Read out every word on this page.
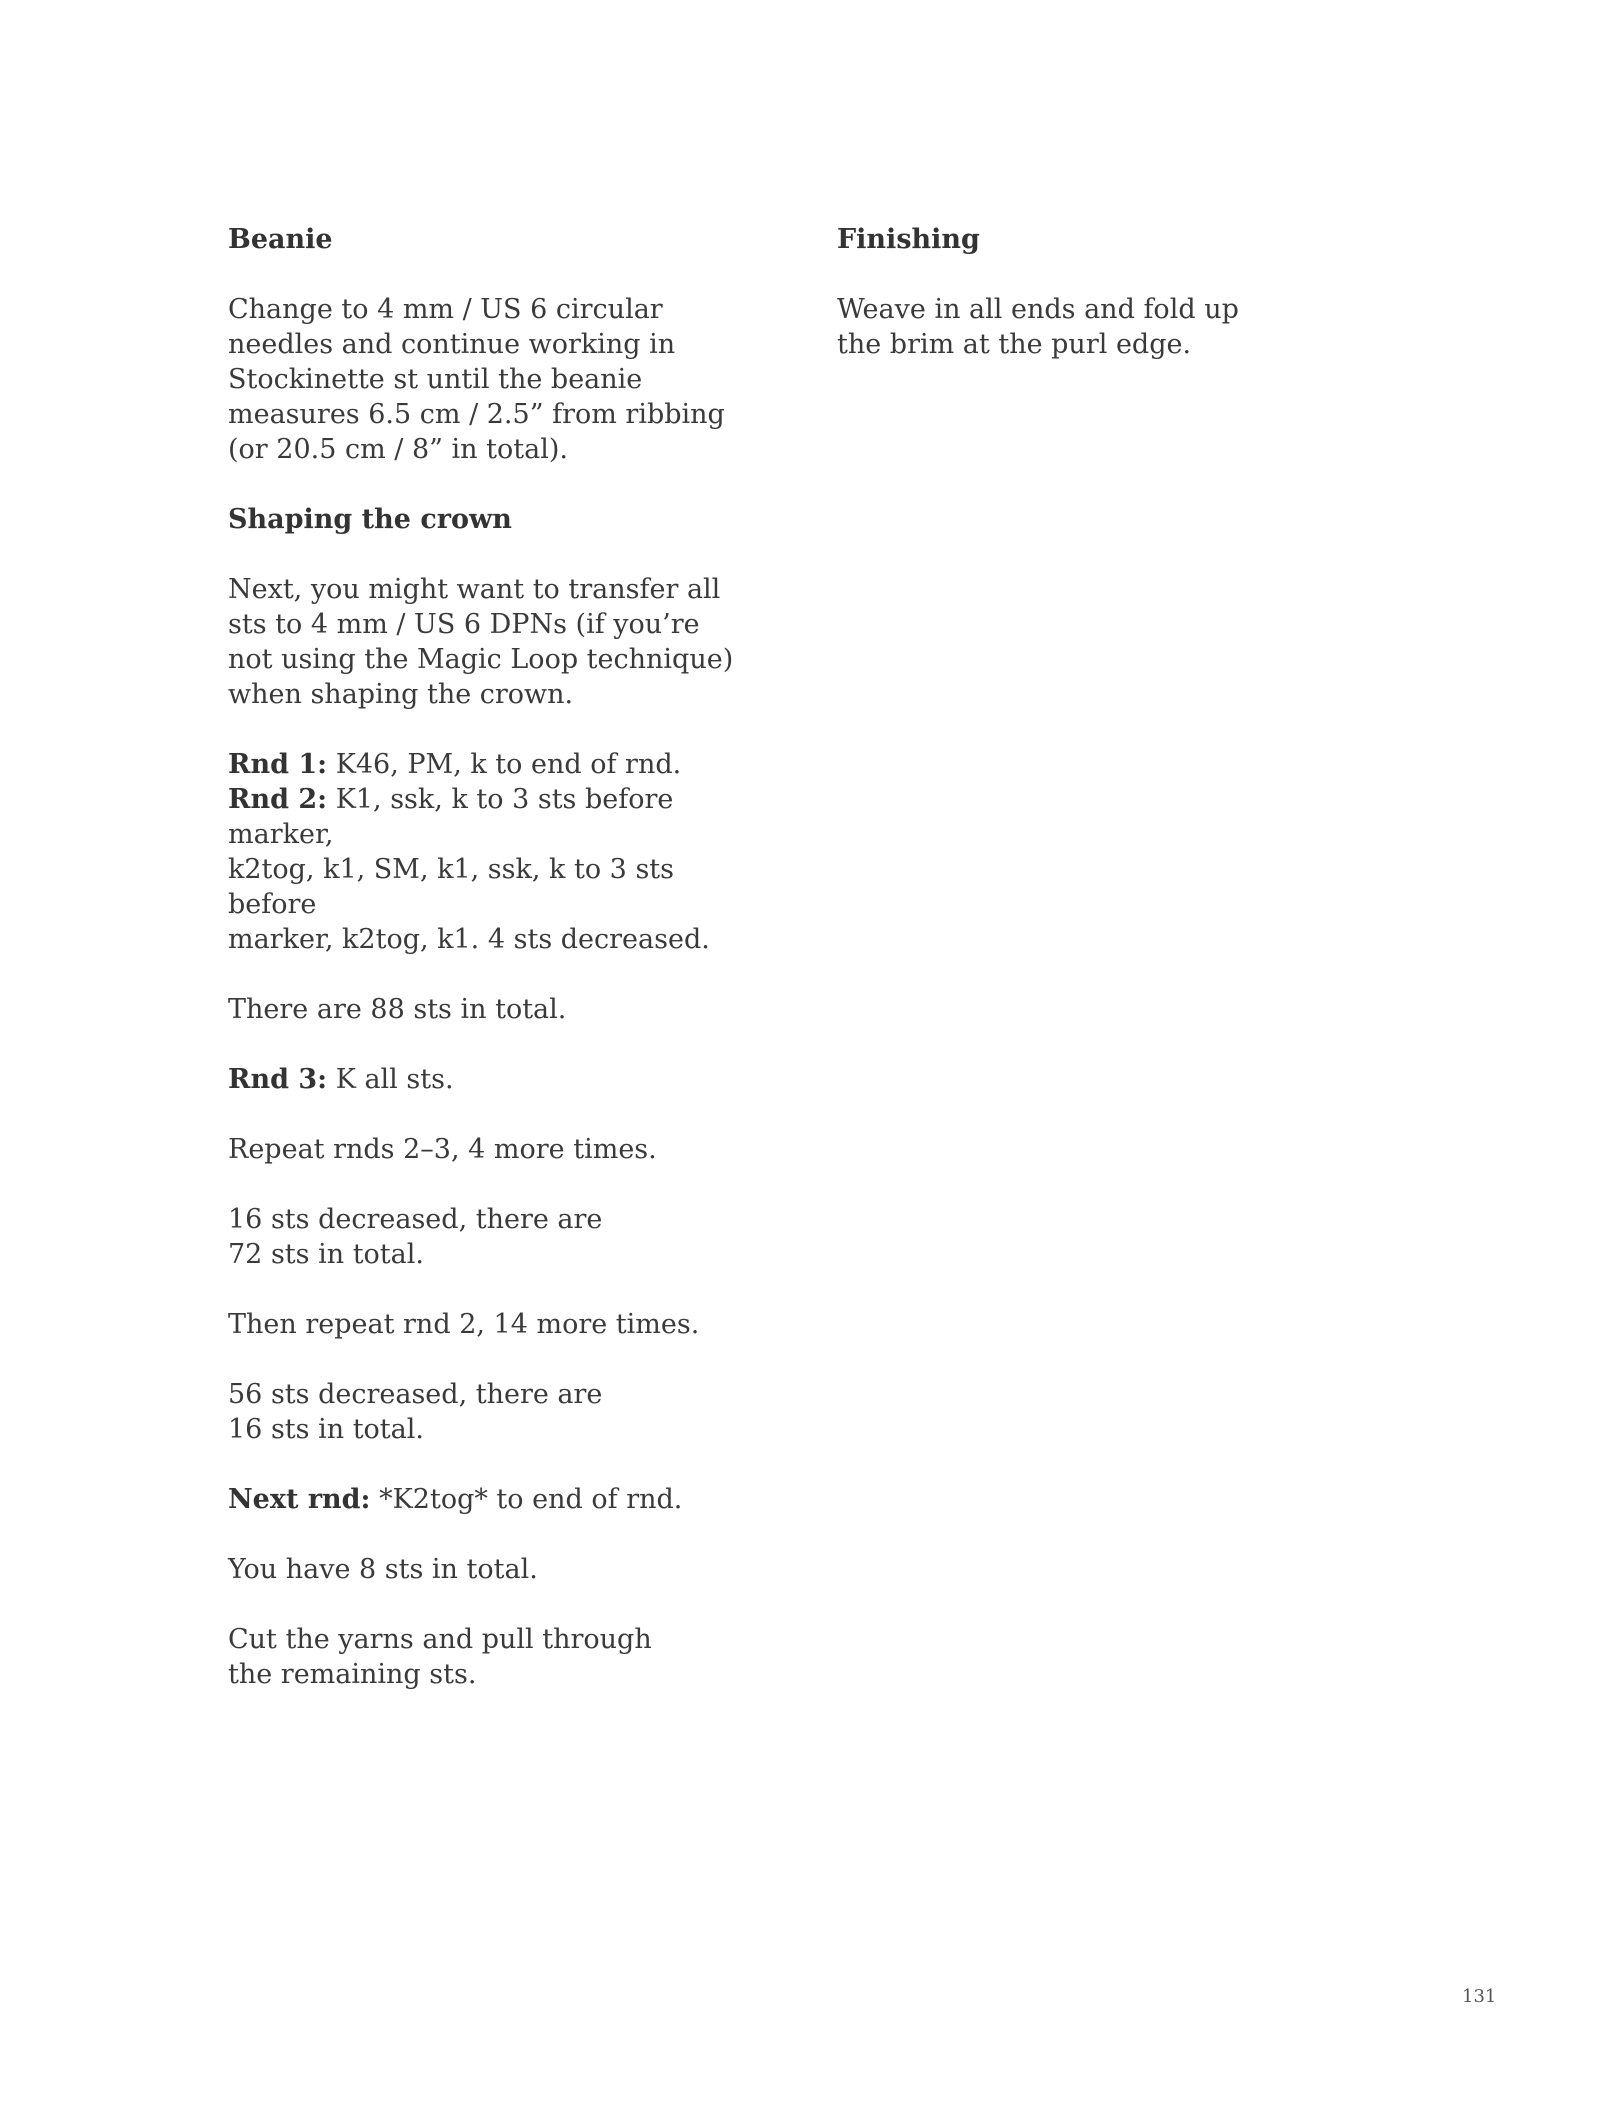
Beanie

Change to 4 mm / US 6 circular
needles and continue working in
Stockinette st until the beanie
measures 6.5 cm / 2.5” from ribbing
(or 20.5 cm / 8” in total).

Shaping the crown

Next, you might want to transfer all
sts to 4 mm / US 6 DPNs (if you’re
not using the Magic Loop technique)
when shaping the crown.
Rnd 1: K46, PM, k to end of rnd.
Rnd 2: K1, ssk, k to 3 sts before marker,
k2tog, k1, SM, k1, ssk, k to 3 sts before
marker, k2tog, k1. 4 sts decreased.
There are 88 sts in total.
Rnd 3: K all sts.
Repeat rnds 2–3, 4 more times.
16 sts decreased, there are
72 sts in total.
Then repeat rnd 2, 14 more times.
56 sts decreased, there are
16 sts in total.
Next rnd: *K2tog* to end of rnd.
You have 8 sts in total.
Cut the yarns and pull through
the remaining sts.

Finishing

Weave in all ends and fold up
the brim at the purl edge.
131
